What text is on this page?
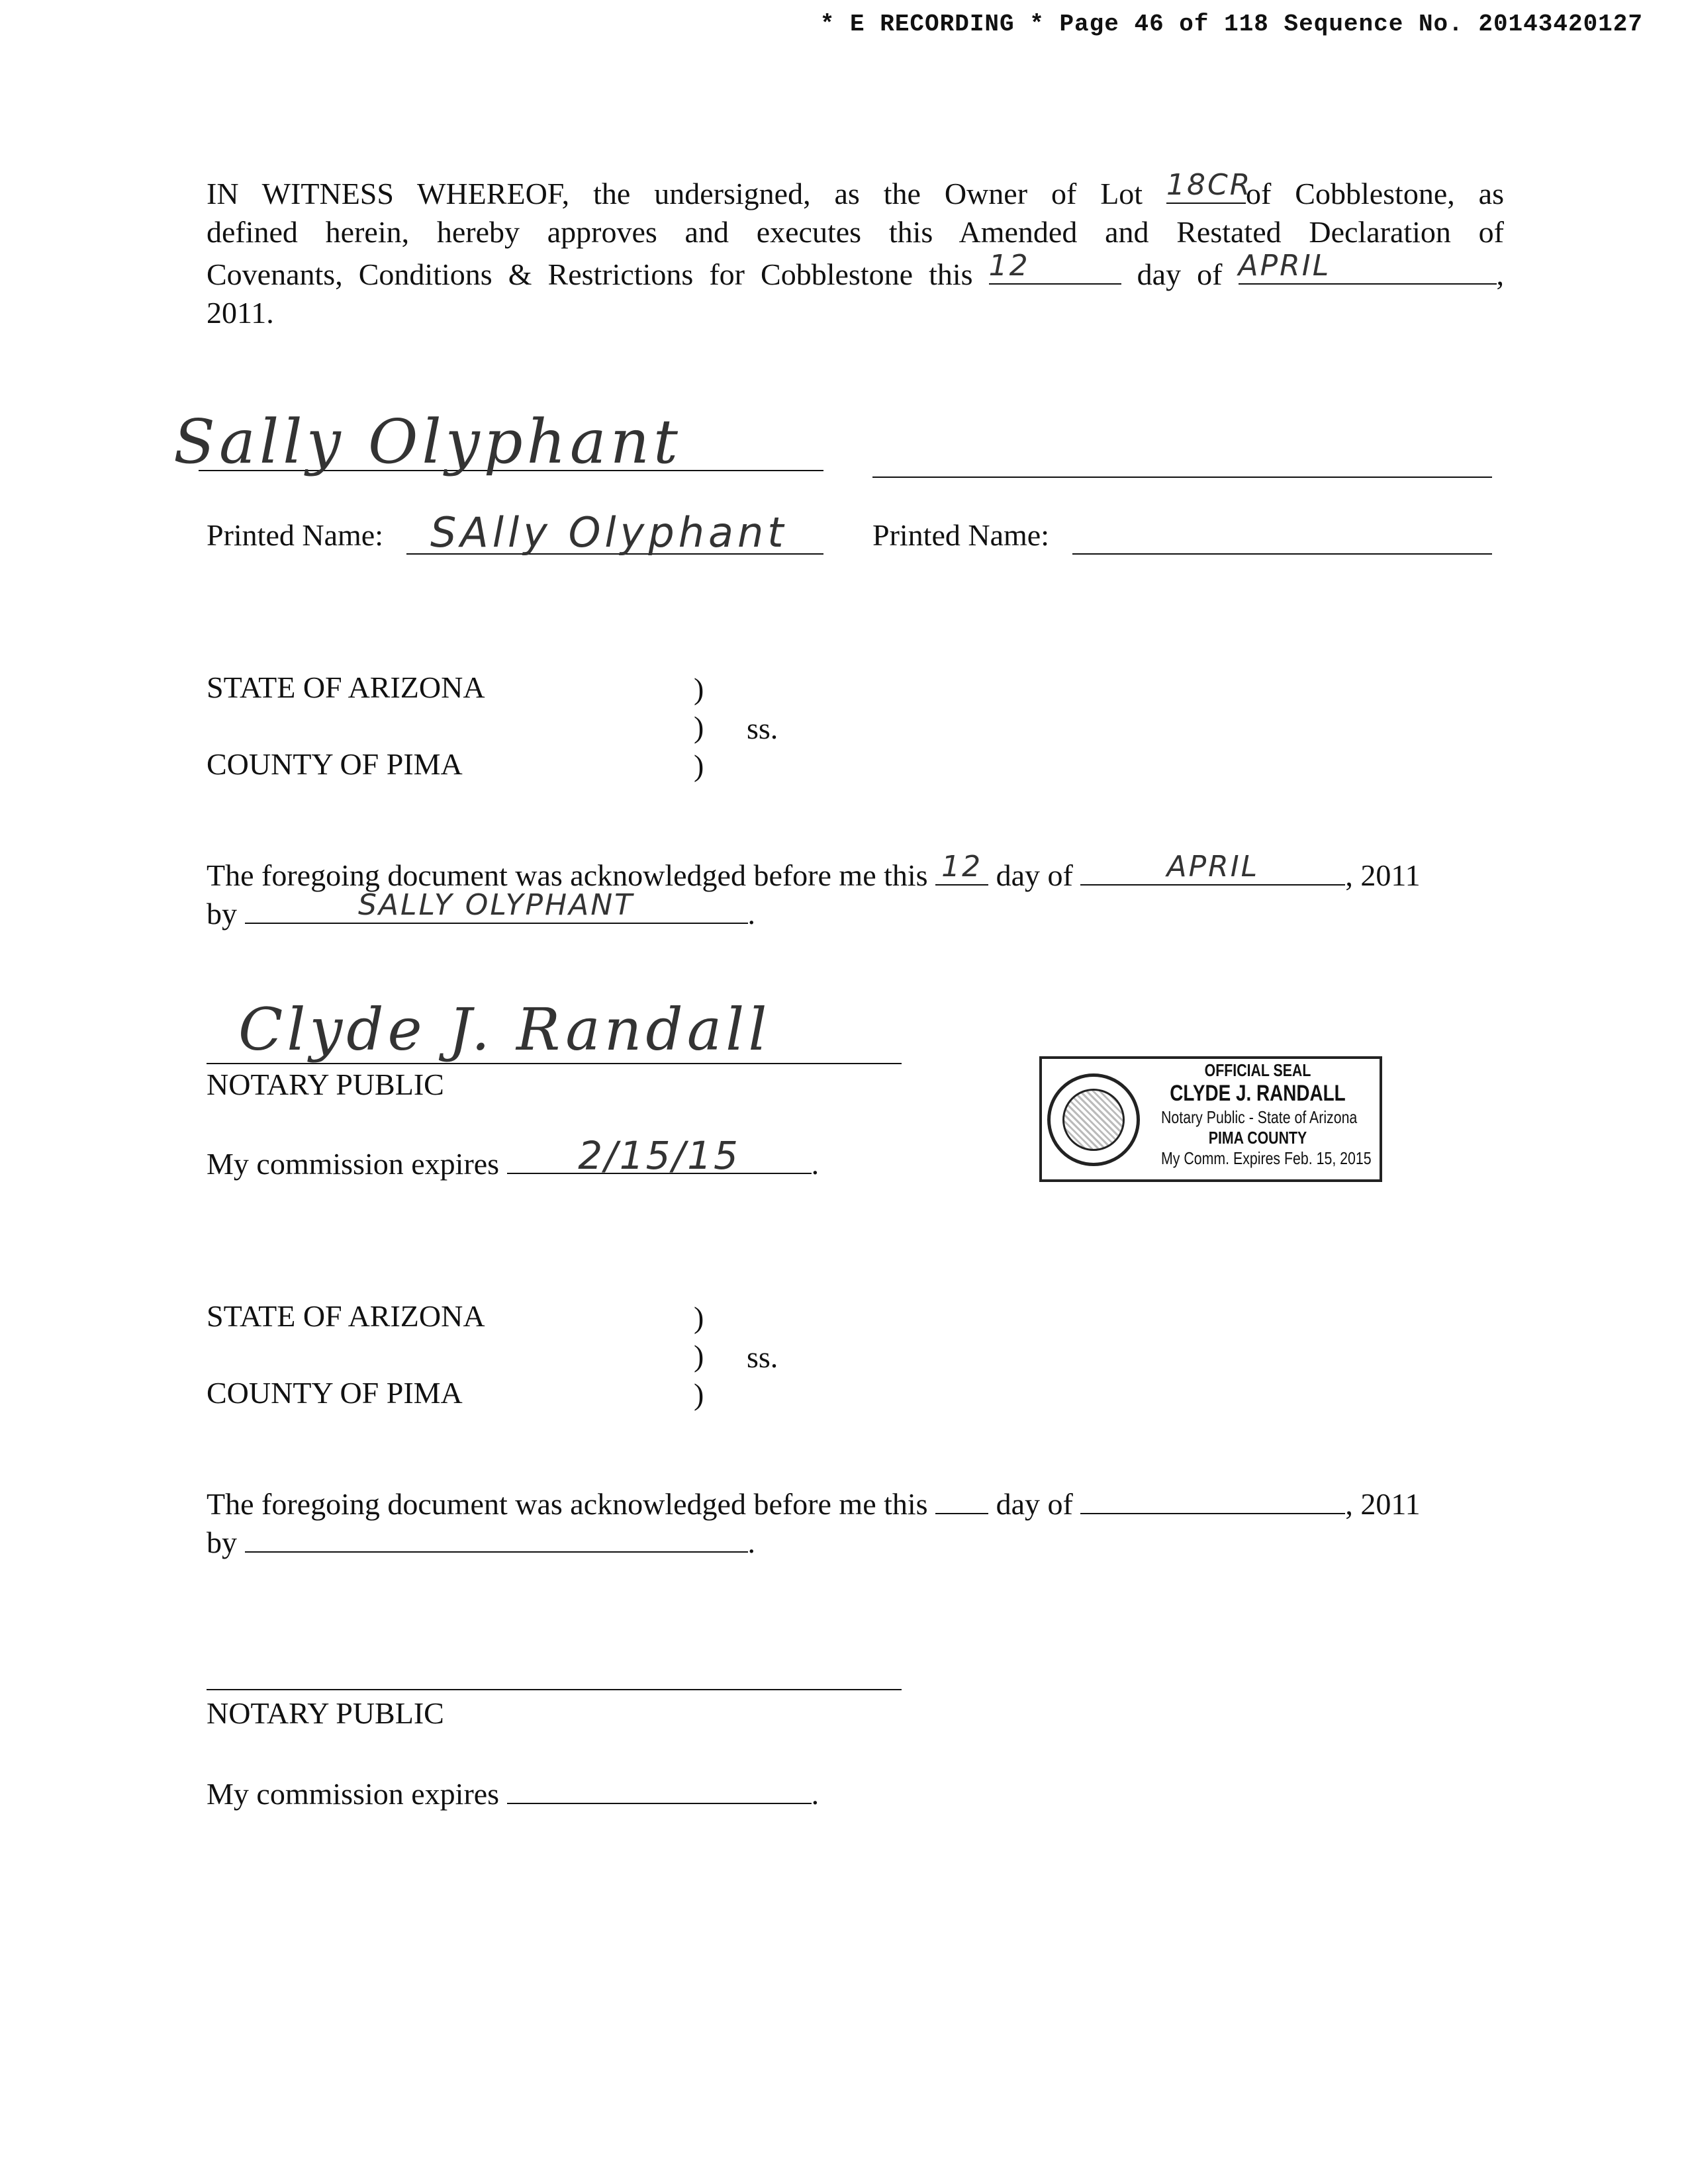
* E RECORDING * Page 46 of 118 Sequence No. 20143420127
IN WITNESS WHEREOF, the undersigned, as the Owner of Lot 18CR
of Cobblestone, as
defined herein, hereby approves and executes this Amended and Restated Declaration of
Covenants, Conditions & Restrictions for Cobblestone this 12	day of APRIL	,
2011.
Sally Olyphant
Printed Name: SAlly Olyphant	Printed Name:
STATE OF ARIZONA
COUNTY OF PIMA
)
)
)
ss.
The foregoing document was acknowledged before me this 12 day of	APRIL	, 2011
by	SALLY OLYPHANT	.
Clyde J. Randall
NOTARY PUBLIC
My commission expires	2/15/15	.
OFFICIAL SEAL
CLYDE J. RANDALL
Notary Public - State of Arizona
PIMA COUNTY
My Comm. Expires Feb. 15, 2015
STATE OF ARIZONA
COUNTY OF PIMA
)
)
)
ss.
The foregoing document was acknowledged before me this day of	, 2011
by	.
NOTARY PUBLIC
My commission expires	.
